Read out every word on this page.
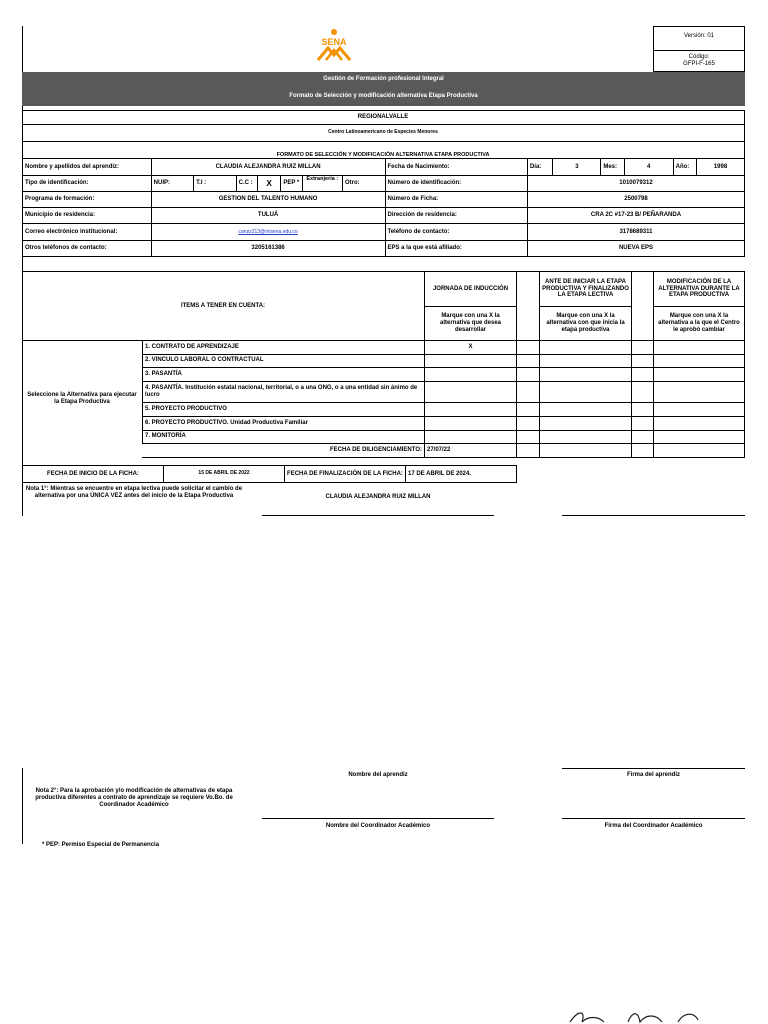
SENA
Versión: 01
Código:
GFPI-F-165
Gestión de Formación profesional Integral
Formato de Selección y modificación alternativa Etapa Productiva
REGIONALVALLE
Centro Latinoamericano de Especies Menores
FORMATO DE SELECCIÓN Y MODIFICACIÓN ALTERNATIVA ETAPA PRODUCTIVA
Nombre y apellidos del aprendiz:	CLAUDIA ALEJANDRA RUIZ MILLAN							Fecha de Nacimiento:	Día:	3	Mes:	4	Año:	1998
Tipo de identificación:	NUIP:	T.I :	C.C :	X	PEP *	Extranjería :	Otro:	Número de identificación:	1010079312					
Programa de formación:	GESTION DEL TALENTO HUMANO							Número de Ficha:	2500798					
Municipio de residencia:	TULUÁ							Dirección de residencia:	CRA 2C #17-23 B/ PEÑARANDA					
Correo electrónico institucional:	caruiz213@misena.edu.co							Teléfono de contacto:	3178689311					
Otros teléfonos de contacto:	3205161386							EPS a la que está afiliado:	NUEVA EPS					
ITEMS A TENER EN CUENTA:
JORNADA DE INDUCCIÓN
Marque con una X la alternativa que desea desarrollar
ANTE DE INICIAR LA ETAPA PRODUCTIVA Y FINALIZANDO LA ETAPA LECTIVA
Marque con una X la alternativa con que inicia la etapa productiva
MODIFICACIÓN DE LA ALTERNATIVA DURANTE LA ETAPA PRODUCTIVA
Marque con una X la alternativa a la que el Centro le aprobó cambiar
Seleccione la Alternativa para ejecutar la Etapa Productiva
1. CONTRATO DE APRENDIZAJE	X
2. VINCULO LABORAL O CONTRACTUAL
3. PASANTÍA
4. PASANTÍA. Institución estatal nacional, territorial, o a una ONG, o a una entidad sin ánimo de lucro
5. PROYECTO PRODUCTIVO
6. PROYECTO PRODUCTIVO. Unidad Productiva Familiar
7. MONITORÍA
FECHA DE DILIGENCIAMIENTO: 27/07/22
FECHA DE INICIO DE LA FICHA:	15 DE ABRIL DE 2022	FECHA DE FINALIZACIÓN DE LA FICHA:	17 DE ABRIL DE 2024.
Nota 1°: Mientras se encuentre en etapa lectiva puede solicitar el cambio de alternativa por una ÚNICA VEZ antes del inicio de la Etapa Productiva	CLAUDIA ALEJANDRA RUIZ MILLAN
Nombre del aprendiz	Firma del aprendiz
Nota 2°: Para la aprobación y/o modificación de alternativas de etapa productiva diferentes a contrato de aprendizaje se requiere Vo.Bo. de Coordinador Académico
Nombre del Coordinador Académico	Firma del Coordinador Académico
* PEP: Permiso Especial de Permanencia
